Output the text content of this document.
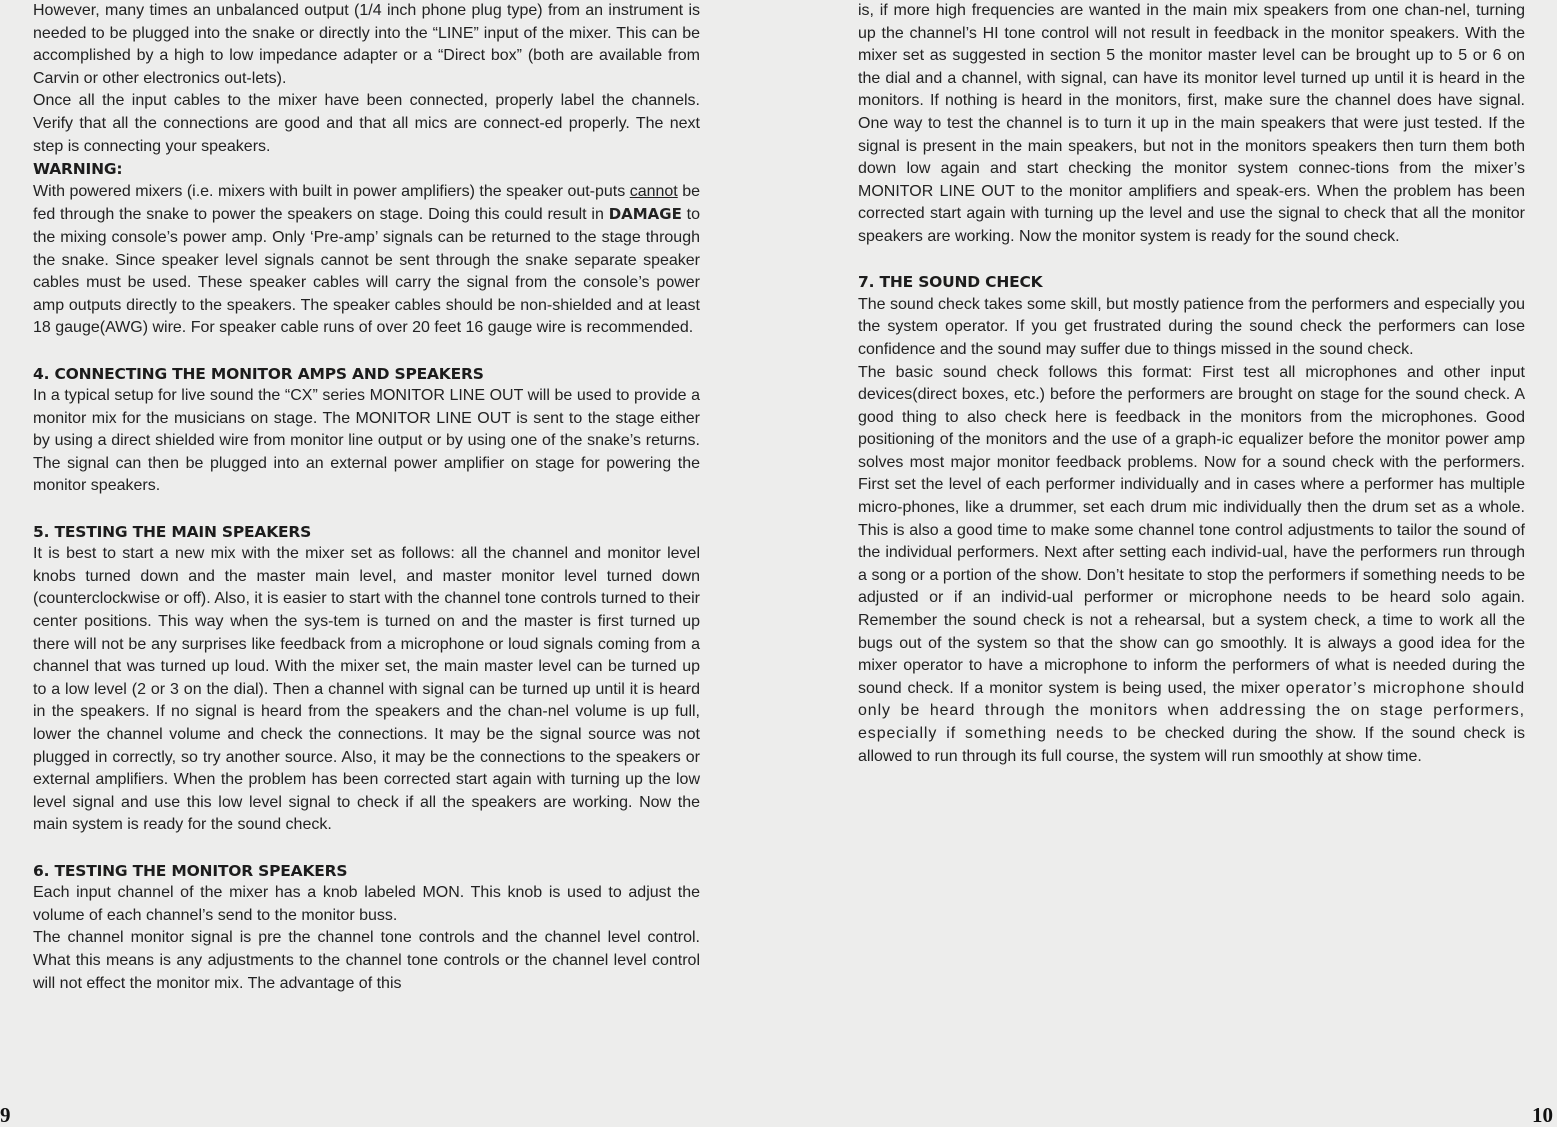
However, many times an unbalanced output (1/4 inch phone plug type) from an instrument is needed to be plugged into the snake or directly into the “LINE” input of the mixer. This can be accomplished by a high to low impedance adapter or a “Direct box” (both are available from Carvin or other electronics out-lets).

Once all the input cables to the mixer have been connected, properly label the channels. Verify that all the connections are good and that all mics are connect-ed properly. The next step is connecting your speakers.

WARNING:

With powered mixers (i.e. mixers with built in power amplifiers) the speaker out-puts cannot be fed through the snake to power the speakers on stage. Doing this could result in DAMAGE to the mixing console’s power amp. Only ‘Pre-amp’ signals can be returned to the stage through the snake. Since speaker level signals cannot be sent through the snake separate speaker cables must be used. These speaker cables will carry the signal from the console’s power amp outputs directly to the speakers. The speaker cables should be non-shielded and at least 18 gauge(AWG) wire. For speaker cable runs of over 20 feet 16 gauge wire is recommended.

4. CONNECTING THE MONITOR AMPS AND SPEAKERS

In a typical setup for live sound the “CX” series MONITOR LINE OUT will be used to provide a monitor mix for the musicians on stage. The MONITOR LINE OUT is sent to the stage either by using a direct shielded wire from monitor line output or by using one of the snake’s returns. The signal can then be plugged into an external power amplifier on stage for powering the monitor speakers.

5. TESTING THE MAIN SPEAKERS

It is best to start a new mix with the mixer set as follows: all the channel and monitor level knobs turned down and the master main level, and master monitor level turned down (counterclockwise or off). Also, it is easier to start with the channel tone controls turned to their center positions. This way when the sys-tem is turned on and the master is first turned up there will not be any surprises like feedback from a microphone or loud signals coming from a channel that was turned up loud. With the mixer set, the main master level can be turned up to a low level (2 or 3 on the dial). Then a channel with signal can be turned up until it is heard in the speakers. If no signal is heard from the speakers and the chan-nel volume is up full, lower the channel volume and check the connections. It may be the signal source was not plugged in correctly, so try another source. Also, it may be the connections to the speakers or external amplifiers. When the problem has been corrected start again with turning up the low level signal and use this low level signal to check if all the speakers are working. Now the main system is ready for the sound check.

6. TESTING THE MONITOR SPEAKERS

Each input channel of the mixer has a knob labeled MON. This knob is used to adjust the volume of each channel’s send to the monitor buss.

The channel monitor signal is pre the channel tone controls and the channel level control. What this means is any adjustments to the channel tone controls or the channel level control will not effect the monitor mix. The advantage of this

9

is, if more high frequencies are wanted in the main mix speakers from one chan-nel, turning up the channel’s HI tone control will not result in feedback in the monitor speakers. With the mixer set as suggested in section 5 the monitor master level can be brought up to 5 or 6 on the dial and a channel, with signal, can have its monitor level turned up until it is heard in the monitors. If nothing is heard in the monitors, first, make sure the channel does have signal. One way to test the channel is to turn it up in the main speakers that were just tested. If the signal is present in the main speakers, but not in the monitors speakers then turn them both down low again and start checking the monitor system connec-tions from the mixer’s MONITOR LINE OUT to the monitor amplifiers and speak-ers. When the problem has been corrected start again with turning up the level and use the signal to check that all the monitor speakers are working. Now the monitor system is ready for the sound check.

7. THE SOUND CHECK

The sound check takes some skill, but mostly patience from the performers and especially you the system operator. If you get frustrated during the sound check the performers can lose confidence and the sound may suffer due to things missed in the sound check.

The basic sound check follows this format: First test all microphones and other input devices(direct boxes, etc.) before the performers are brought on stage for the sound check. A good thing to also check here is feedback in the monitors from the microphones. Good positioning of the monitors and the use of a graph-ic equalizer before the monitor power amp solves most major monitor feedback problems. Now for a sound check with the performers. First set the level of each performer individually and in cases where a performer has multiple micro-phones, like a drummer, set each drum mic individually then the drum set as a whole. This is also a good time to make some channel tone control adjustments to tailor the sound of the individual performers. Next after setting each individ-ual, have the performers run through a song or a portion of the show. Don’t hesitate to stop the performers if something needs to be adjusted or if an individ-ual performer or microphone needs to be heard solo again. Remember the sound check is not a rehearsal, but a system check, a time to work all the bugs out of the system so that the show can go smoothly. It is always a good idea for the mixer operator to have a microphone to inform the performers of what is needed during the sound check. If a monitor system is being used, the mixer operator’s microphone should only be heard through the monitors when addressing the on stage performers, especially if something needs to be checked during the show. If the sound check is allowed to run through its full course, the system will run smoothly at show time.

10
